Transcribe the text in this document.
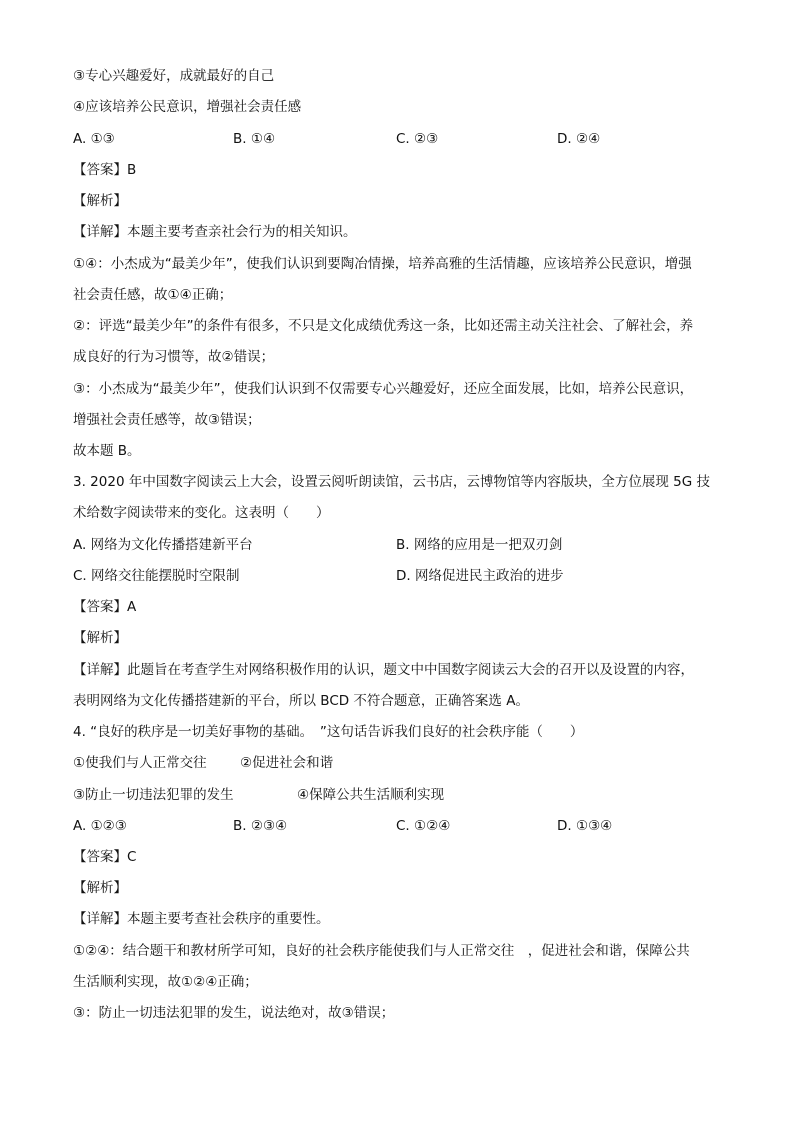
③专心兴趣爱好，成就最好的自己
④应该培养公民意识，增强社会责任感
A. ①③	B. ①④	C. ②③	D. ②④
【答案】B
【解析】
【详解】本题主要考查亲社会行为的相关知识。
①④：小杰成为“最美少年”，使我们认识到要陶冶情操，培养高雅的生活情趣，应该培养公民意识，增强
社会责任感，故①④正确；
②：评选“最美少年”的条件有很多，不只是文化成绩优秀这一条，比如还需主动关注社会、了解社会，养
成良好的行为习惯等，故②错误；
③：小杰成为“最美少年”，使我们认识到不仅需要专心兴趣爱好，还应全面发展，比如，培养公民意识，
增强社会责任感等，故③错误；
故本题 B。
3. 2020 年中国数字阅读云上大会，设置云阅听朗读馆，云书店，云博物馆等内容版块，全方位展现 5G 技
术给数字阅读带来的变化。这表明（　　）
A. 网络为文化传播搭建新平台	B. 网络的应用是一把双刃剑
C. 网络交往能摆脱时空限制	D. 网络促进民主政治的进步
【答案】A
【解析】
【详解】此题旨在考查学生对网络积极作用的认识，题文中中国数字阅读云大会的召开以及设置的内容，
表明网络为文化传播搭建新的平台，所以 BCD 不符合题意，正确答案选 A。
4. “良好的秩序是一切美好事物的基础。　”这句话告诉我们良好的社会秩序能（　　）
①使我们与人正常交往 ②促进社会和谐
③防止一切违法犯罪的发生	④保障公共生活顺利实现
A. ①②③	B. ②③④	C. ①②④	D. ①③④
【答案】C
【解析】
【详解】本题主要考查社会秩序的重要性。
①②④：结合题干和教材所学可知，良好的社会秩序能使我们与人正常交往　，促进社会和谐，保障公共
生活顺利实现，故①②④正确；
③：防止一切违法犯罪的发生，说法绝对，故③错误；
